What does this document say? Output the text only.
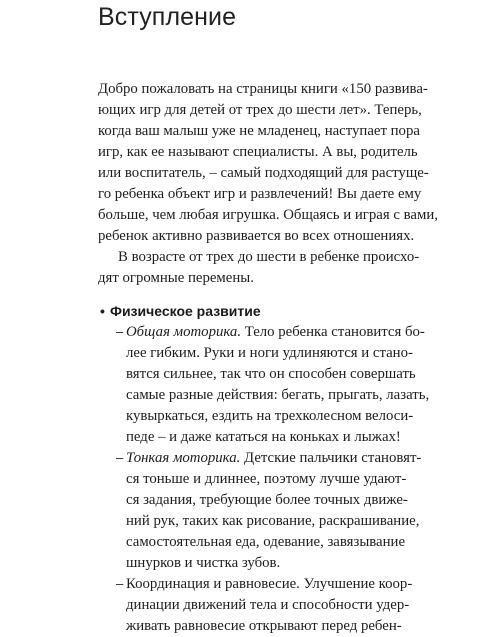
Вступление
Добро пожаловать на страницы книги «150 развива-
ющих игр для детей от трех до шести лет». Теперь,
когда ваш малыш уже не младенец, наступает пора
игр, как ее называют специалисты. А вы, родитель
или воспитатель, – самый подходящий для растуще-
го ребенка объект игр и развлечений! Вы даете ему
больше, чем любая игрушка. Общаясь и играя с вами,
ребенок активно развивается во всех отношениях.
В возрасте от трех до шести в ребенке происхо-
дят огромные перемены.
• Физическое развитие
– Общая моторика. Тело ребенка становится бо-
лее гибким. Руки и ноги удлиняются и стано-
вятся сильнее, так что он способен совершать
самые разные действия: бегать, прыгать, лазать,
кувыркаться, ездить на трехколесном велоси-
педе – и даже кататься на коньках и лыжах!
– Тонкая моторика. Детские пальчики становят-
ся тоньше и длиннее, поэтому лучше удают-
ся задания, требующие более точных движе-
ний рук, таких как рисование, раскрашивание,
самостоятельная еда, одевание, завязывание
шнурков и чистка зубов.
– Координация и равновесие. Улучшение коор-
динации движений тела и способности удер-
живать равновесие открывают перед ребен-
